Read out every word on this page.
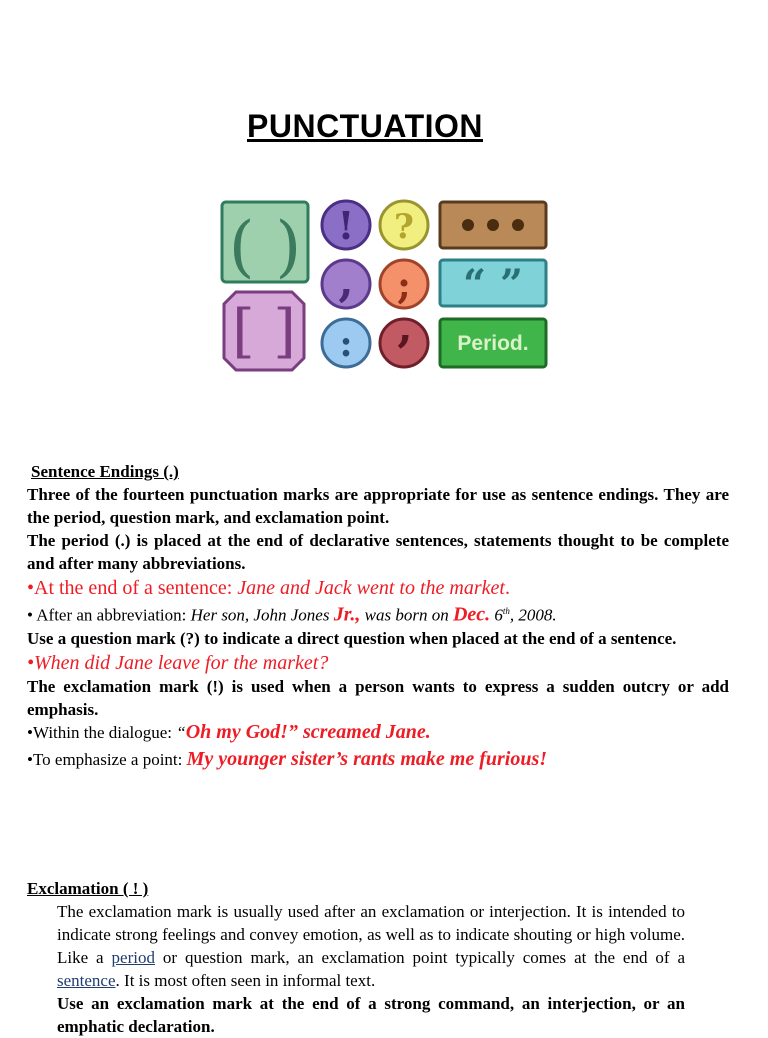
PUNCTUATION
( ) ! ?
, ; “ ”
[ ] : ’ Period.

Sentence Endings (.)

Three of the fourteen punctuation marks are appropriate for use as sentence endings. They are the period, question mark, and exclamation point.

The period (.) is placed at the end of declarative sentences, statements thought to be complete and after many abbreviations.

•At the end of a sentence: Jane and Jack went to the market.

• After an abbreviation: Her son, John Jones Jr., was born on Dec. 6th, 2008.

Use a question mark (?) to indicate a direct question when placed at the end of a sentence.

•When did Jane leave for the market?

The exclamation mark (!) is used when a person wants to express a sudden outcry or add emphasis.

•Within the dialogue: “Oh my God!” screamed Jane.

•To emphasize a point: My younger sister’s rants make me furious!

Exclamation ( ! )

The exclamation mark is usually used after an exclamation or interjection. It is intended to indicate strong feelings and convey emotion, as well as to indicate shouting or high volume. Like a period or question mark, an exclamation point typically comes at the end of a sentence. It is most often seen in informal text.

Use an exclamation mark at the end of a strong command, an interjection, or an emphatic declaration.
